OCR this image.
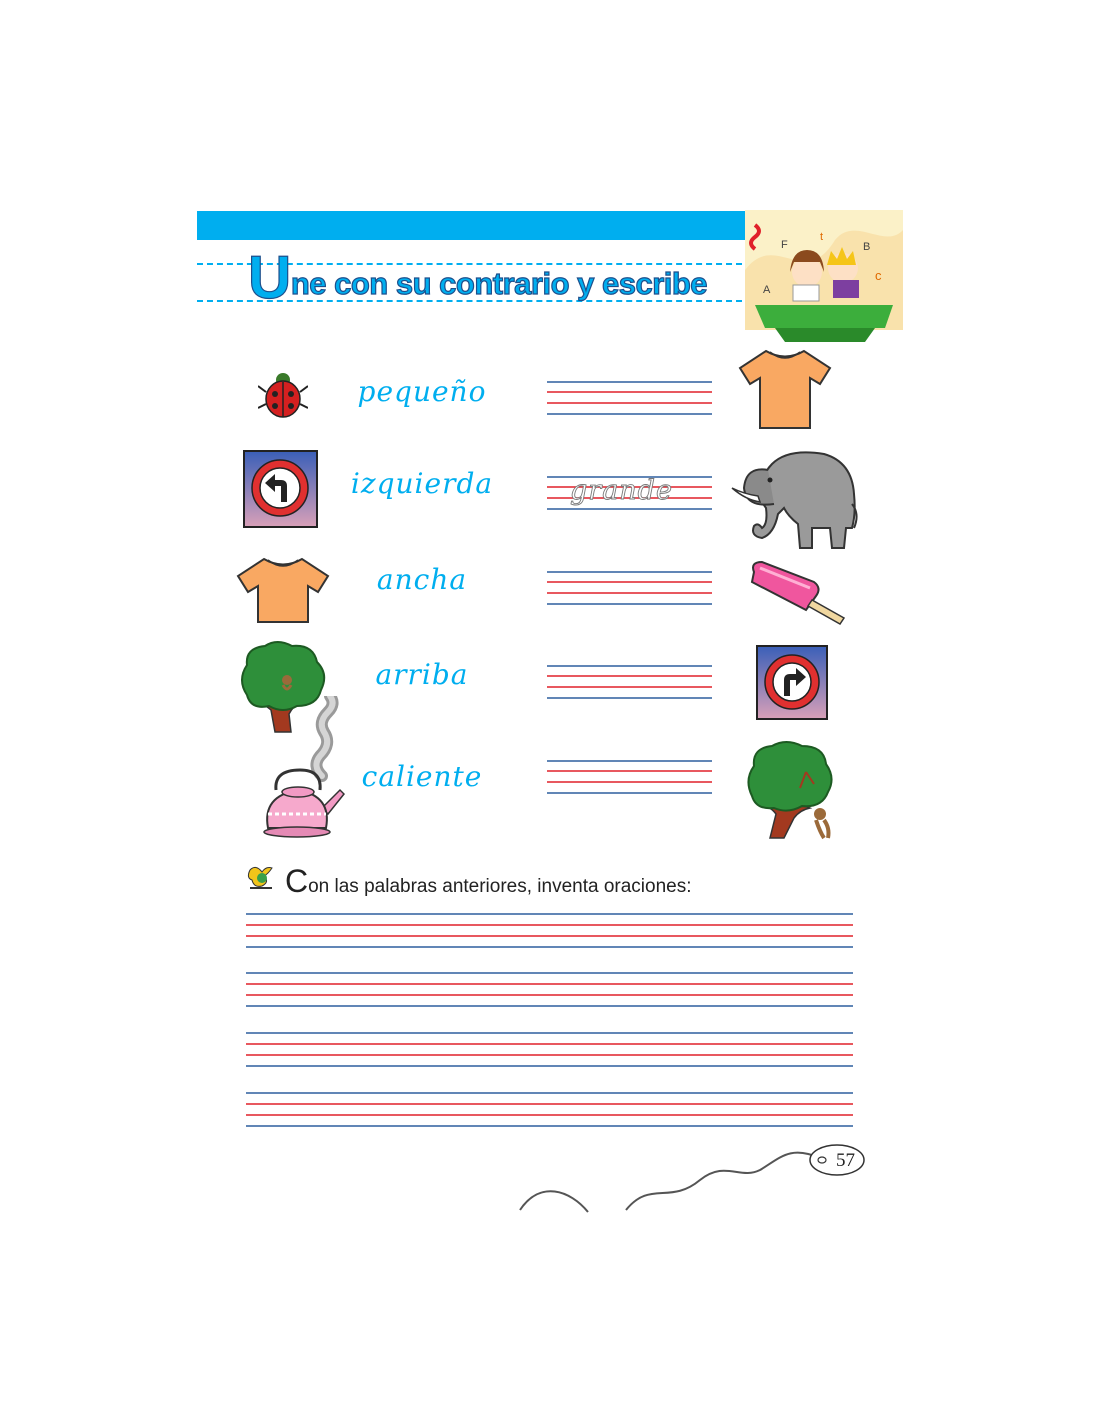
Une con su contrario y escribe
F
t
B
A
c
pequeño
izquierda
ancha
arriba
caliente
grande
Con las palabras anteriores, inventa oraciones:
57
